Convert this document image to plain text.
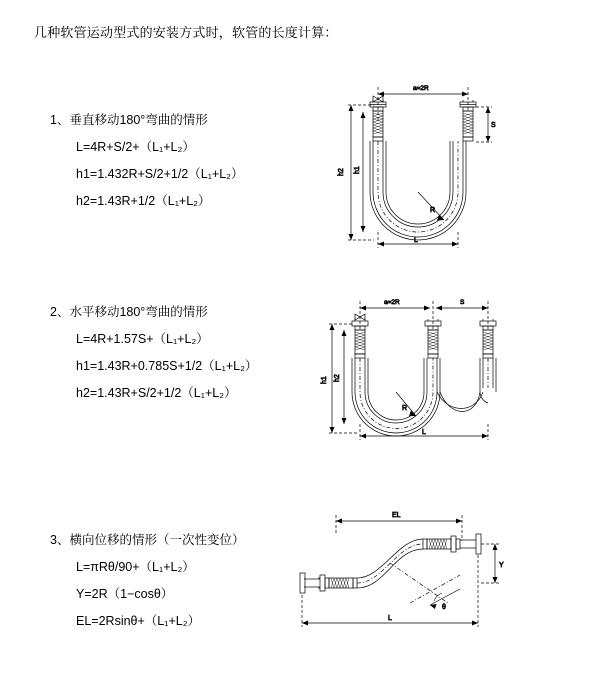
几种软管运动型式的安装方式时，软管的长度计算：
1、垂直移动180°弯曲的情形
L=4R+S/2+（L₁+L₂）
h1=1.432R+S/2+1/2（L₁+L₂）
h2=1.43R+1/2（L₁+L₂）
a=2R
R
L
h2 h1
S
2、水平移动180°弯曲的情形
L=4R+1.57S+（L₁+L₂）
h1=1.43R+0.785S+1/2（L₁+L₂）
h2=1.43R+S/2+1/2（L₁+L₂）
a=2R	S
R
L
h1 h2
3、横向位移的情形（一次性变位）
L=πRθ/90+（L₁+L₂）
Y=2R（1−cosθ）
EL=2Rsinθ+（L₁+L₂）
EL
Y
θ
L
